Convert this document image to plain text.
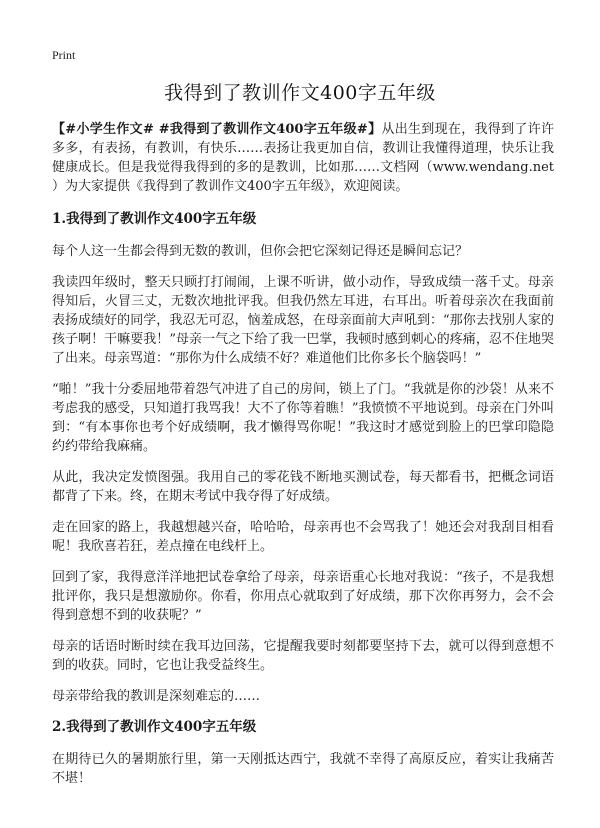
Print
我得到了教训作文400字五年级

【#小学生作文# #我得到了教训作文400字五年级#】从出生到现在，我得到了许许多多，有表扬，有教训，有快乐……表扬让我更加自信，教训让我懂得道理，快乐让我健康成长。但是我觉得我得到的多的是教训，比如那……文档网（www.wendang.net ）为大家提供《我得到了教训作文400字五年级》，欢迎阅读。

1.我得到了教训作文400字五年级

每个人这一生都会得到无数的教训，但你会把它深刻记得还是瞬间忘记？

我读四年级时，整天只顾打打闹闹，上课不听讲，做小动作，导致成绩一落千丈。母亲得知后，火冒三丈，无数次地批评我。但我仍然左耳进，右耳出。听着母亲次在我面前表扬成绩好的同学，我忍无可忍，恼羞成怒，在母亲面前大声吼到：“那你去找别人家的孩子啊！干嘛要我！”母亲一气之下给了我一巴掌，我顿时感到刺心的疼痛，忍不住地哭了出来。母亲骂道：“那你为什么成绩不好？难道他们比你多长个脑袋吗！”

“啪！”我十分委屈地带着怨气冲进了自己的房间，锁上了门。“我就是你的沙袋！从来不考虑我的感受，只知道打我骂我！大不了你等着瞧！”我愤愤不平地说到。母亲在门外叫到：“有本事你也考个好成绩啊，我才懒得骂你呢！”我这时才感觉到脸上的巴掌印隐隐约约带给我麻痛。

从此，我决定发愤图强。我用自己的零花钱不断地买测试卷，每天都看书，把概念词语都背了下来。终，在期末考试中我夺得了好成绩。

走在回家的路上，我越想越兴奋，哈哈哈，母亲再也不会骂我了！她还会对我刮目相看呢！我欣喜若狂，差点撞在电线杆上。

回到了家，我得意洋洋地把试卷拿给了母亲，母亲语重心长地对我说：“孩子，不是我想批评你，我只是想激励你。你看，你用点心就取到了好成绩，那下次你再努力，会不会得到意想不到的收获呢？”

母亲的话语时断时续在我耳边回荡，它提醒我要时刻都要坚持下去，就可以得到意想不到的收获。同时，它也让我受益终生。

母亲带给我的教训是深刻难忘的……

2.我得到了教训作文400字五年级

在期待已久的暑期旅行里，第一天刚抵达西宁，我就不幸得了高原反应，着实让我痛苦不堪！
